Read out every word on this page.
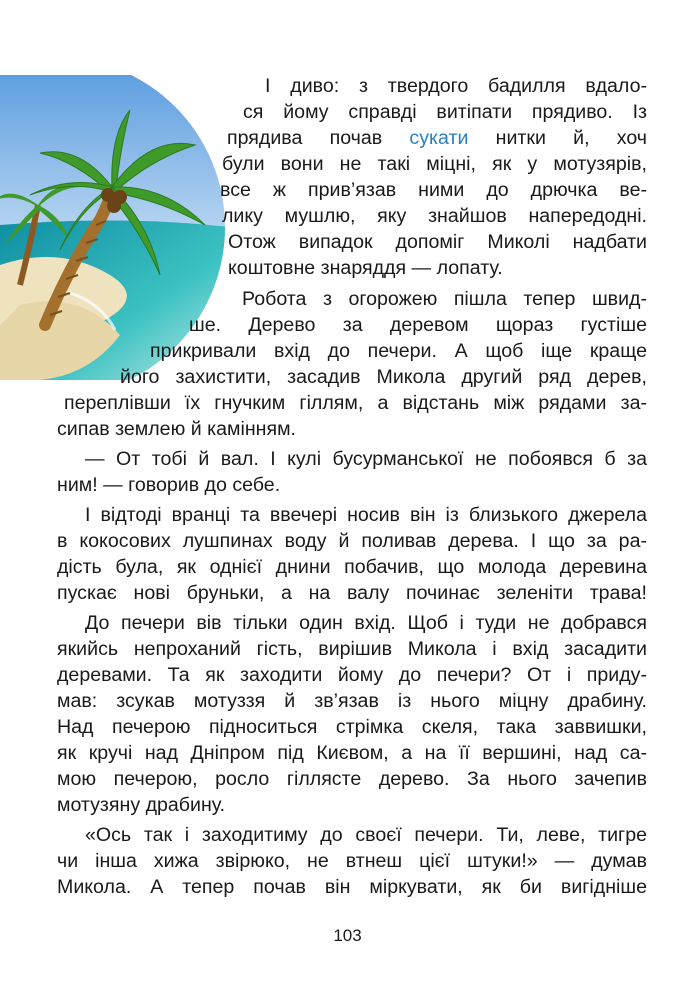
І диво: з твердого бадилля вдало-
ся йому справді витіпати прядиво. Із
прядива почав сукати нитки й, хоч
були вони не такі міцні, як у мотузярів,
все ж прив’язав ними до дрючка ве-
лику мушлю, яку знайшов напередодні.
Отож випадок допоміг Миколі надбати
коштовне знаряддя — лопату.
Робота з огорожею пішла тепер швид-
ше. Дерево за деревом щораз густіше
прикривали вхід до печери. А щоб іще краще
його захистити, засадив Микола другий ряд дерев,
переплівши їх гнучким гіллям, а відстань між рядами за-
сипав землею й камінням.
— От тобі й вал. І кулі бусурманської не побоявся б за
ним! — говорив до себе.
І відтоді вранці та ввечері носив він із близького джерела
в кокосових лушпинах воду й поливав дерева. І що за ра-
дість була, як однієї днини побачив, що молода деревина
пускає нові бруньки, а на валу починає зеленіти трава!
До печери вів тільки один вхід. Щоб і туди не добрався
якийсь непроханий гість, вирішив Микола і вхід засадити
деревами. Та як заходити йому до печери? От і приду-
мав: зсукав мотуззя й зв’язав із нього міцну драбину.
Над печерою підноситься стрімка скеля, така заввишки,
як кручі над Дніпром під Києвом, а на її вершині, над са-
мою печерою, росло гіллясте дерево. За нього зачепив
мотузяну драбину.
«Ось так і заходитиму до своєї печери. Ти, леве, тигре
чи інша хижа звірюко, не втнеш цієї штуки!» — думав
Микола. А тепер почав він міркувати, як би вигідніше
103
